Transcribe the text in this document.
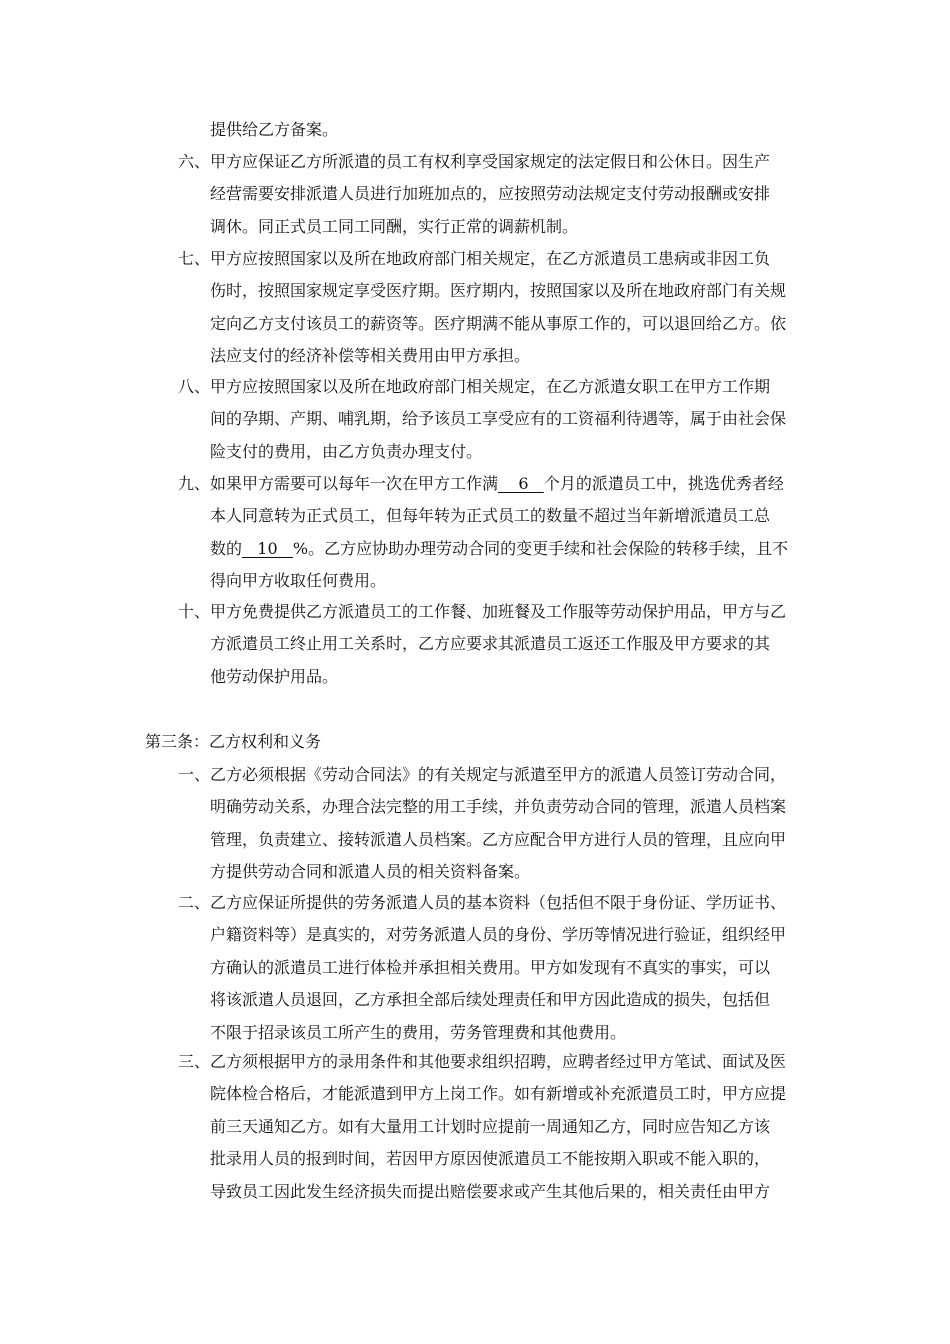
提供给乙方备案。
六、甲方应保证乙方所派遣的员工有权利享受国家规定的法定假日和公休日。因生产
经营需要安排派遣人员进行加班加点的，应按照劳动法规定支付劳动报酬或安排
调休。同正式员工同工同酬，实行正常的调薪机制。
七、甲方应按照国家以及所在地政府部门相关规定，在乙方派遣员工患病或非因工负
伤时，按照国家规定享受医疗期。医疗期内，按照国家以及所在地政府部门有关规
定向乙方支付该员工的薪资等。医疗期满不能从事原工作的，可以退回给乙方。依
法应支付的经济补偿等相关费用由甲方承担。
八、甲方应按照国家以及所在地政府部门相关规定，在乙方派遣女职工在甲方工作期
间的孕期、产期、哺乳期，给予该员工享受应有的工资福利待遇等，属于由社会保
险支付的费用，由乙方负责办理支付。
九、如果甲方需要可以每年一次在甲方工作满 6 个月的派遣员工中，挑选优秀者经
本人同意转为正式员工，但每年转为正式员工的数量不超过当年新增派遣员工总
数的 10 %。乙方应协助办理劳动合同的变更手续和社会保险的转移手续，且不
得向甲方收取任何费用。
十、甲方免费提供乙方派遣员工的工作餐、加班餐及工作服等劳动保护用品，甲方与乙
方派遣员工终止用工关系时，乙方应要求其派遣员工返还工作服及甲方要求的其
他劳动保护用品。
第三条：乙方权利和义务
一、乙方必须根据《劳动合同法》的有关规定与派遣至甲方的派遣人员签订劳动合同，
明确劳动关系，办理合法完整的用工手续，并负责劳动合同的管理，派遣人员档案
管理，负责建立、接转派遣人员档案。乙方应配合甲方进行人员的管理，且应向甲
方提供劳动合同和派遣人员的相关资料备案。
二、乙方应保证所提供的劳务派遣人员的基本资料（包括但不限于身份证、学历证书、
户籍资料等）是真实的，对劳务派遣人员的身份、学历等情况进行验证，组织经甲
方确认的派遣员工进行体检并承担相关费用。甲方如发现有不真实的事实，可以
将该派遣人员退回，乙方承担全部后续处理责任和甲方因此造成的损失，包括但
不限于招录该员工所产生的费用，劳务管理费和其他费用。
三、乙方须根据甲方的录用条件和其他要求组织招聘，应聘者经过甲方笔试、面试及医
院体检合格后，才能派遣到甲方上岗工作。如有新增或补充派遣员工时，甲方应提
前三天通知乙方。如有大量用工计划时应提前一周通知乙方，同时应告知乙方该
批录用人员的报到时间，若因甲方原因使派遣员工不能按期入职或不能入职的，
导致员工因此发生经济损失而提出赔偿要求或产生其他后果的，相关责任由甲方
